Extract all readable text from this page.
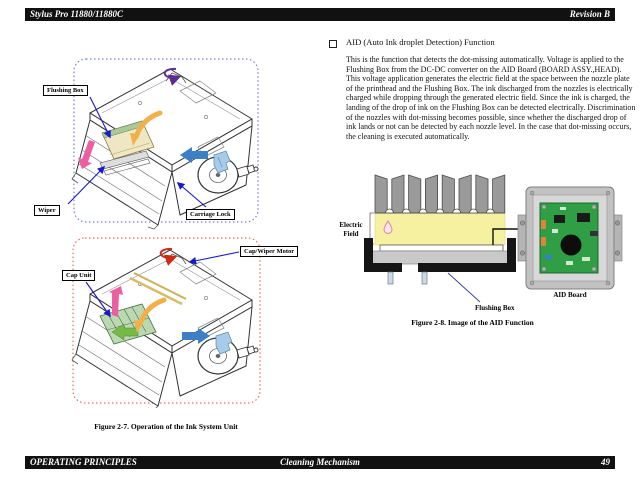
Stylus Pro 11880/11880C	Revision B
Flushing Box
Wiper
Carriage Lock
Cap Unit
Cap/Wiper Motor
Figure 2-7. Operation of the Ink System Unit
AID (Auto Ink droplet Detection) Function
This is the function that detects the dot-missing automatically. Voltage is applied to the Flushing Box from the DC-DC converter on the AID Board (BOARD ASSY.,HEAD). This voltage application generates the electric field at the space between the nozzle plate of the printhead and the Flushing Box. The ink discharged from the nozzles is electrically charged while dropping through the generated electric field. Since the ink is charged, the landing of the drop of ink on the Flushing Box can be detected electrically. Discrimination of the nozzles with dot-missing becomes possible, since whether the discharged drop of ink lands or not can be detected by each nozzle level. In the case that dot-missing occurs, the cleaning is executed automatically.
Electric Field
Flushing Box
AID Board
Figure 2-8. Image of the AID Function
OPERATING PRINCIPLES	Cleaning Mechanism	49
